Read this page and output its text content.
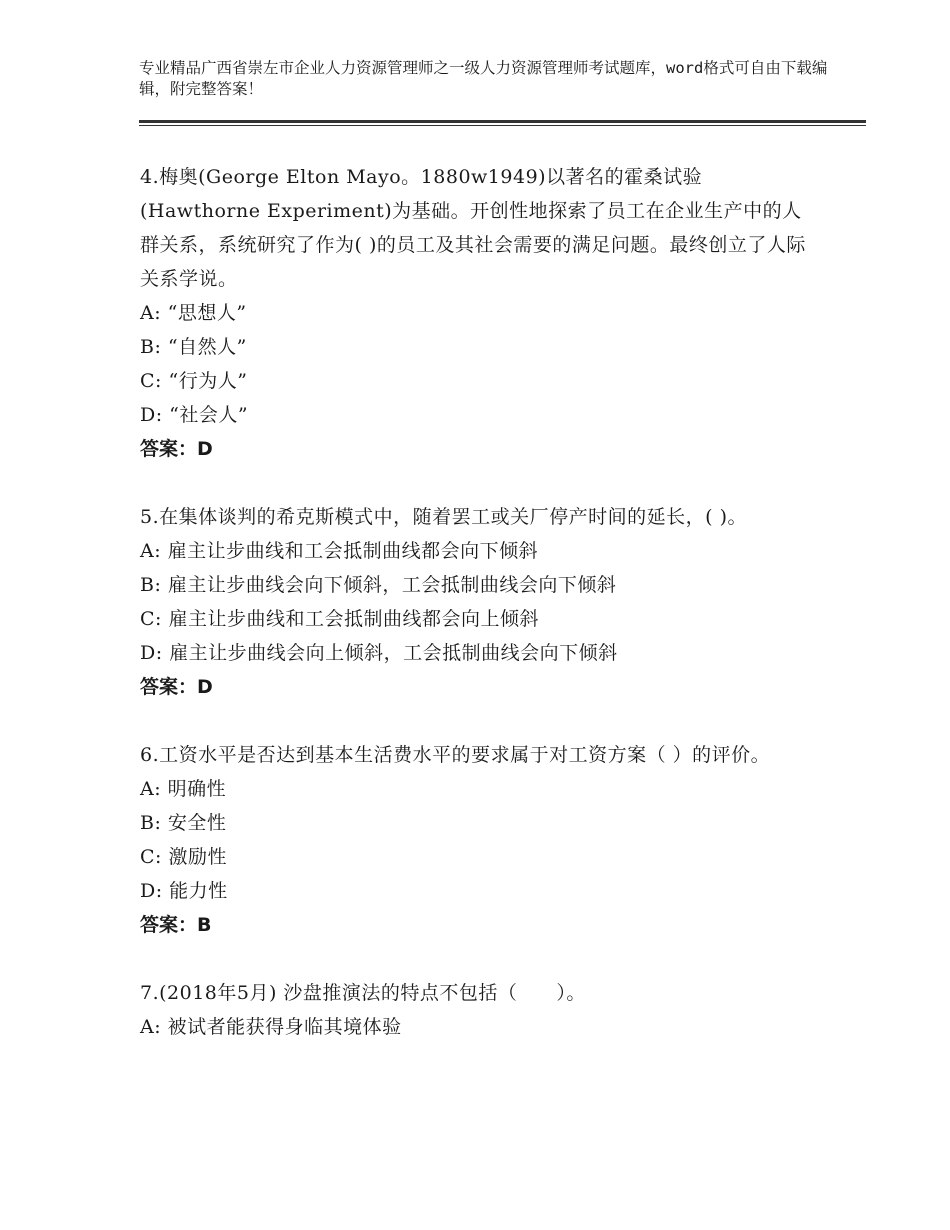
专业精品广西省崇左市企业人力资源管理师之一级人力资源管理师考试题库，word格式可自由下载编辑，附完整答案！
4.梅奥(George Elton Mayo。1880w1949)以著名的霍桑试验(Hawthorne Experiment)为基础。开创性地探索了员工在企业生产中的人群关系，系统研究了作为( )的员工及其社会需要的满足问题。最终创立了人际关系学说。
A: “思想人”
B: “自然人”
C: “行为人”
D: “社会人”
答案：D
5.在集体谈判的希克斯模式中，随着罢工或关厂停产时间的延长，( )。
A: 雇主让步曲线和工会抵制曲线都会向下倾斜
B: 雇主让步曲线会向下倾斜，工会抵制曲线会向下倾斜
C: 雇主让步曲线和工会抵制曲线都会向上倾斜
D: 雇主让步曲线会向上倾斜，工会抵制曲线会向下倾斜
答案：D
6.工资水平是否达到基本生活费水平的要求属于对工资方案（ ）的评价。
A: 明确性
B: 安全性
C: 激励性
D: 能力性
答案：B
7.(2018年5月) 沙盘推演法的特点不包括（　　）。
A: 被试者能获得身临其境体验
